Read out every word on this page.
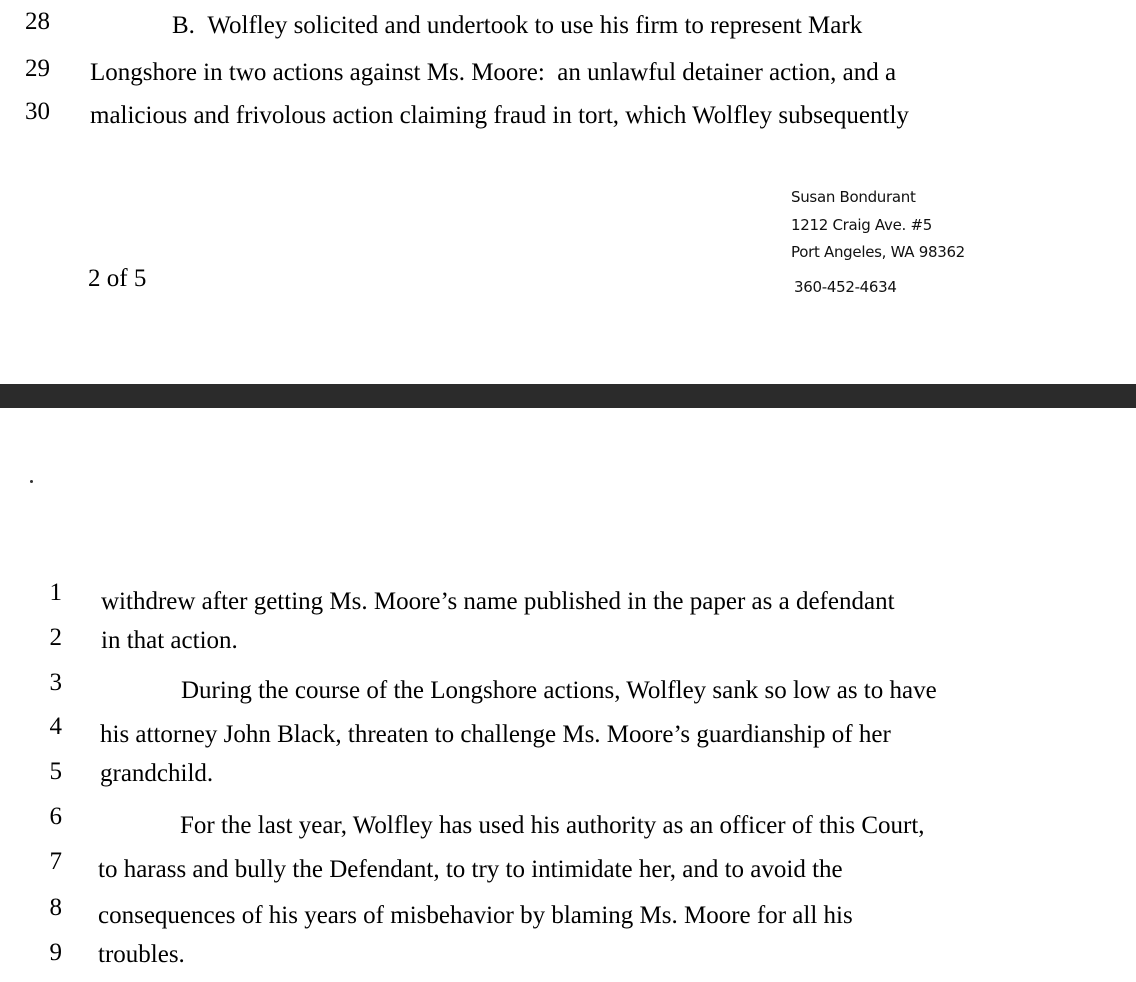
28	B.  Wolfley solicited and undertook to use his firm to represent Mark
29 Longshore in two actions against Ms. Moore:  an unlawful detainer action, and a
30 malicious and frivolous action claiming fraud in tort, which Wolfley subsequently
Susan Bondurant
1212 Craig Ave. #5
Port Angeles, WA 98362
360-452-4634
2 of 5
1 withdrew after getting Ms. Moore’s name published in the paper as a defendant
2 in that action.
3	During the course of the Longshore actions, Wolfley sank so low as to have
4 his attorney John Black, threaten to challenge Ms. Moore’s guardianship of her
5 grandchild.
6	For the last year, Wolfley has used his authority as an officer of this Court,
7 to harass and bully the Defendant, to try to intimidate her, and to avoid the
8 consequences of his years of misbehavior by blaming Ms. Moore for all his
9 troubles.
